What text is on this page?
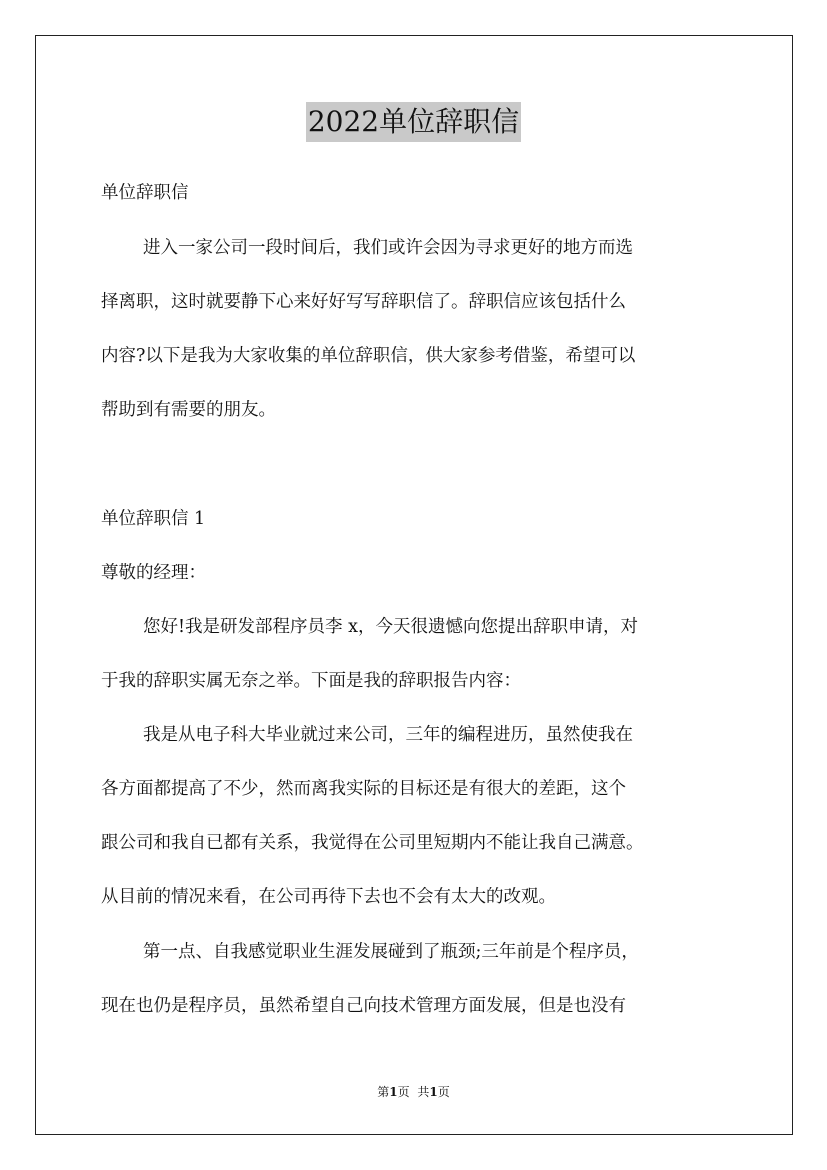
2022单位辞职信
单位辞职信
进入一家公司一段时间后，我们或许会因为寻求更好的地方而选
择离职，这时就要静下心来好好写写辞职信了。辞职信应该包括什么
内容?以下是我为大家收集的单位辞职信，供大家参考借鉴，希望可以
帮助到有需要的朋友。
单位辞职信 1
尊敬的经理：
您好!我是研发部程序员李 x，今天很遗憾向您提出辞职申请，对
于我的辞职实属无奈之举。下面是我的辞职报告内容：
我是从电子科大毕业就过来公司，三年的编程进历，虽然使我在
各方面都提高了不少，然而离我实际的目标还是有很大的差距，这个
跟公司和我自已都有关系，我觉得在公司里短期内不能让我自己满意。
从目前的情况来看，在公司再待下去也不会有太大的改观。
第一点、自我感觉职业生涯发展碰到了瓶颈;三年前是个程序员，
现在也仍是程序员，虽然希望自己向技术管理方面发展，但是也没有
第1页 共1页
